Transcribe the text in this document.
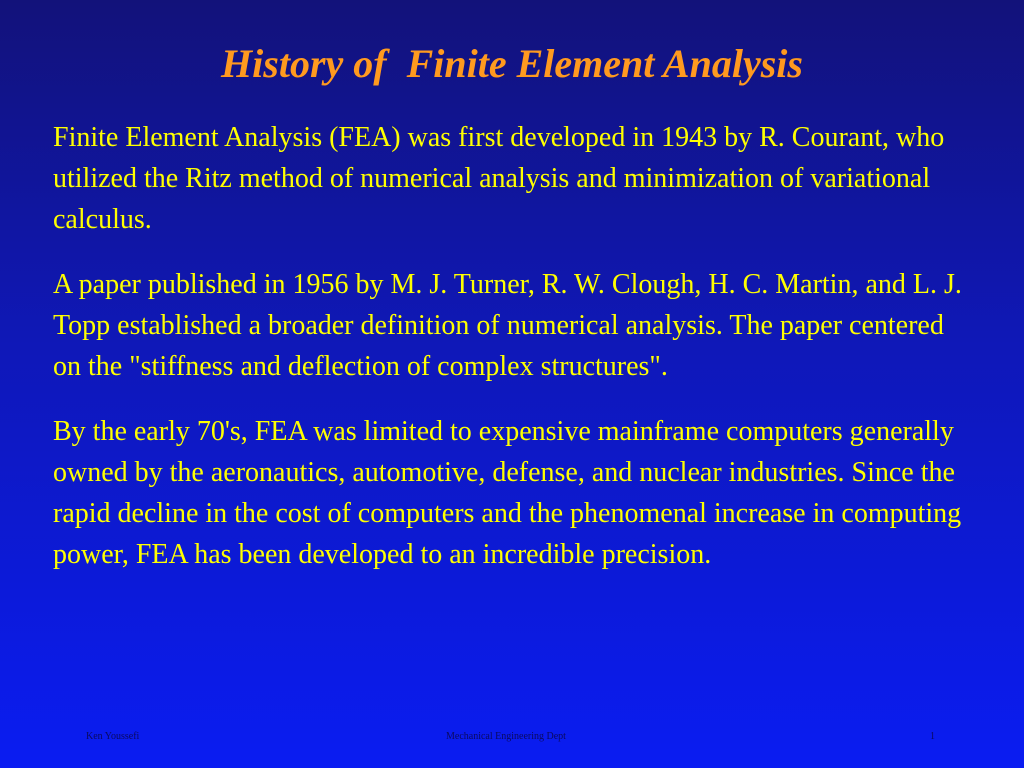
History of  Finite Element Analysis

Finite Element Analysis (FEA) was first developed in 1943 by R. Courant, who utilized the Ritz method of numerical analysis and minimization of variational calculus.

A paper published in 1956 by M. J. Turner, R. W. Clough, H. C. Martin, and L. J. Topp established a broader definition of numerical analysis. The paper centered on the "stiffness and deflection of complex structures".

By the early 70's, FEA was limited to expensive mainframe computers generally owned by the aeronautics, automotive, defense, and nuclear industries. Since the rapid decline in the cost of computers and the phenomenal increase in computing power, FEA has been developed to an incredible precision.

Ken Youssefi	Mechanical Engineering Dept	1
